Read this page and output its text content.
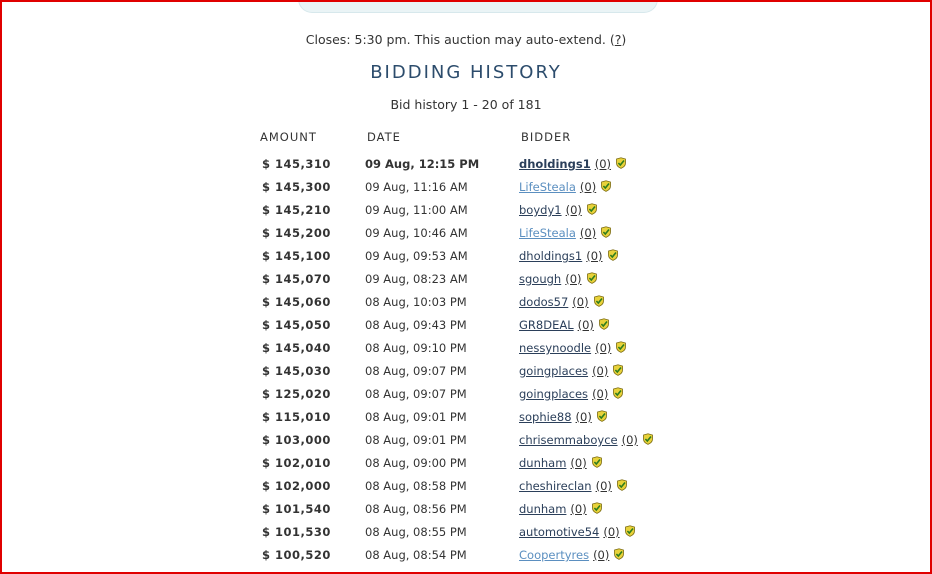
Closes: 5:30 pm. This auction may auto-extend. (?)
BIDDING HISTORY
Bid history 1 - 20 of 181
AMOUNT	DATE	BIDDER
$ 145,310	09 Aug, 12:15 PM	dholdings1 (0)
$ 145,300	09 Aug, 11:16 AM	LifeSteala (0)
$ 145,210	09 Aug, 11:00 AM	boydy1 (0)
$ 145,200	09 Aug, 10:46 AM	LifeSteala (0)
$ 145,100	09 Aug, 09:53 AM	dholdings1 (0)
$ 145,070	09 Aug, 08:23 AM	sgough (0)
$ 145,060	08 Aug, 10:03 PM	dodos57 (0)
$ 145,050	08 Aug, 09:43 PM	GR8DEAL (0)
$ 145,040	08 Aug, 09:10 PM	nessynoodle (0)
$ 145,030	08 Aug, 09:07 PM	goingplaces (0)
$ 125,020	08 Aug, 09:07 PM	goingplaces (0)
$ 115,010	08 Aug, 09:01 PM	sophie88 (0)
$ 103,000	08 Aug, 09:01 PM	chrisemmaboyce (0)
$ 102,010	08 Aug, 09:00 PM	dunham (0)
$ 102,000	08 Aug, 08:58 PM	cheshireclan (0)
$ 101,540	08 Aug, 08:56 PM	dunham (0)
$ 101,530	08 Aug, 08:55 PM	automotive54 (0)
$ 100,520	08 Aug, 08:54 PM	Coopertyres (0)
